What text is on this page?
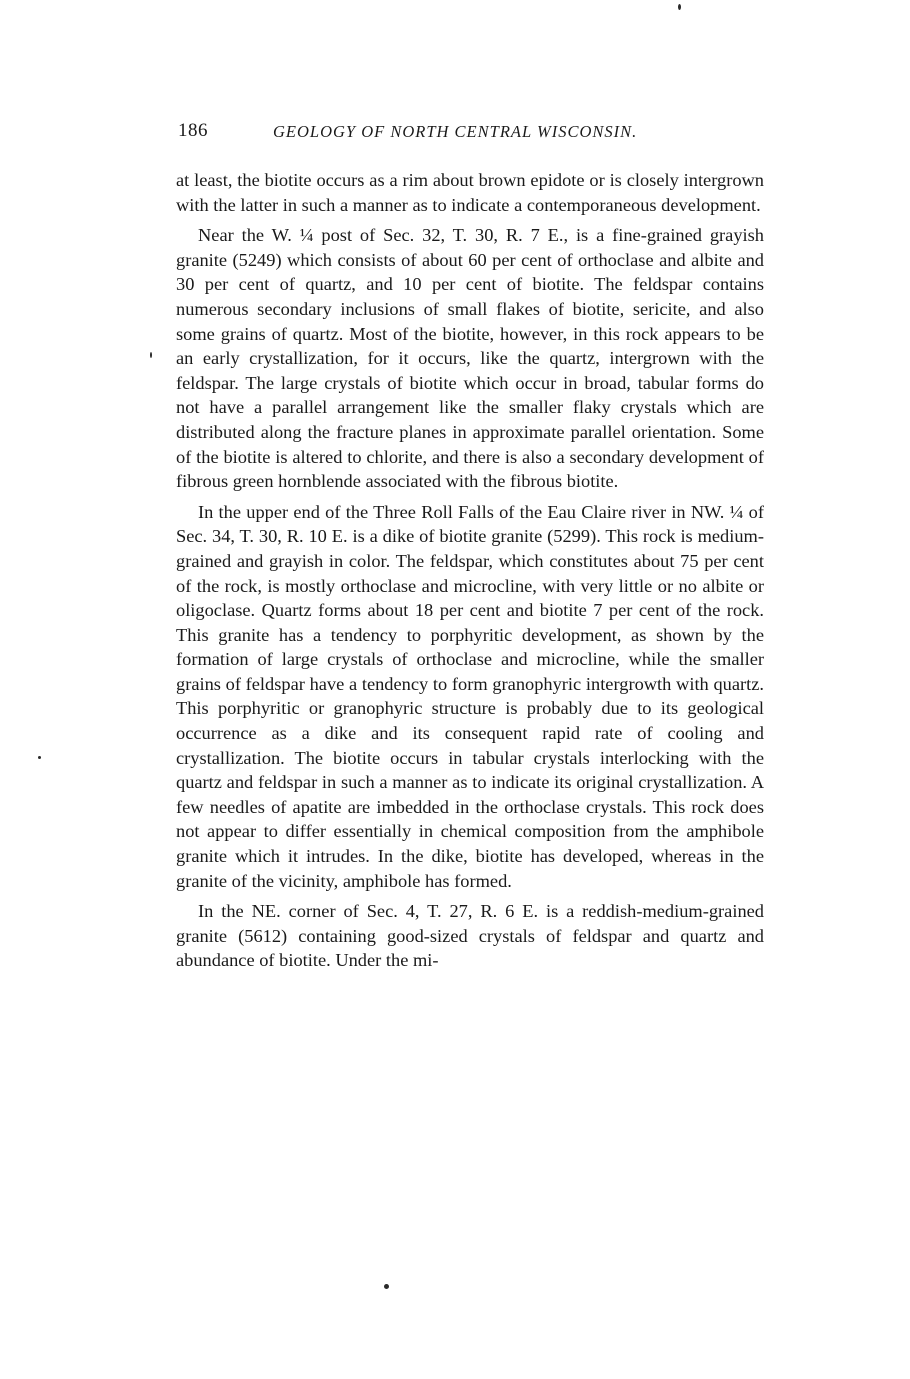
186	GEOLOGY OF NORTH CENTRAL WISCONSIN.

at least, the biotite occurs as a rim about brown epidote or is closely intergrown with the latter in such a manner as to indicate a contemporaneous development.

Near the W. ¼ post of Sec. 32, T. 30, R. 7 E., is a fine-grained grayish granite (5249) which consists of about 60 per cent of orthoclase and albite and 30 per cent of quartz, and 10 per cent of biotite. The feldspar contains numerous secondary inclusions of small flakes of biotite, sericite, and also some grains of quartz. Most of the biotite, however, in this rock appears to be an early crystallization, for it occurs, like the quartz, intergrown with the feldspar. The large crystals of biotite which occur in broad, tabular forms do not have a parallel arrangement like the smaller flaky crystals which are distributed along the fracture planes in approximate parallel orientation. Some of the biotite is altered to chlorite, and there is also a secondary development of fibrous green hornblende associated with the fibrous biotite.

In the upper end of the Three Roll Falls of the Eau Claire river in NW. ¼ of Sec. 34, T. 30, R. 10 E. is a dike of biotite granite (5299). This rock is medium-grained and grayish in color. The feldspar, which constitutes about 75 per cent of the rock, is mostly orthoclase and microcline, with very little or no albite or oligoclase. Quartz forms about 18 per cent and biotite 7 per cent of the rock. This granite has a tendency to porphyritic development, as shown by the formation of large crystals of orthoclase and microcline, while the smaller grains of feldspar have a tendency to form granophyric intergrowth with quartz. This porphyritic or granophyric structure is probably due to its geological occurrence as a dike and its consequent rapid rate of cooling and crystallization. The biotite occurs in tabular crystals interlocking with the quartz and feldspar in such a manner as to indicate its original crystallization. A few needles of apatite are imbedded in the orthoclase crystals. This rock does not appear to differ essentially in chemical composition from the amphibole granite which it intrudes. In the dike, biotite has developed, whereas in the granite of the vicinity, amphibole has formed.

In the NE. corner of Sec. 4, T. 27, R. 6 E. is a reddish-medium-grained granite (5612) containing good-sized crystals of feldspar and quartz and abundance of biotite. Under the mi-
